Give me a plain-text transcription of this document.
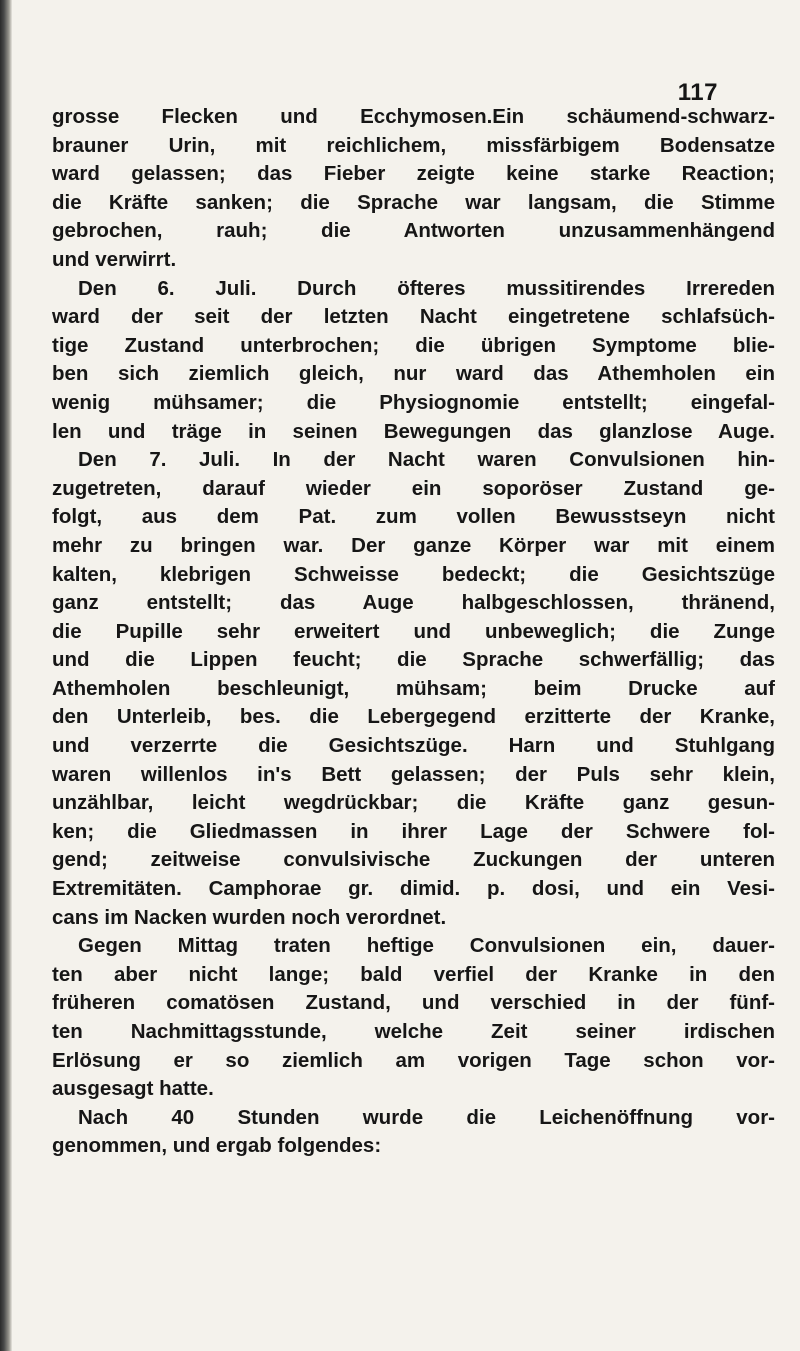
117
grosse Flecken und Ecchymosen.Ein schäumend-schwarz-
brauner Urin, mit reichlichem, missfärbigem Bodensatze
ward gelassen; das Fieber zeigte keine starke Reaction;
die Kräfte sanken; die Sprache war langsam, die Stimme
gebrochen, rauh; die Antworten unzusammenhängend
und verwirrt.
Den 6. Juli. Durch öfteres mussitirendes Irrereden
ward der seit der letzten Nacht eingetretene schlafsüch-
tige Zustand unterbrochen; die übrigen Symptome blie-
ben sich ziemlich gleich, nur ward das Athemholen ein
wenig mühsamer; die Physiognomie entstellt; eingefal-
len und träge in seinen Bewegungen das glanzlose Auge.
Den 7. Juli. In der Nacht waren Convulsionen hin-
zugetreten, darauf wieder ein soporöser Zustand ge-
folgt, aus dem Pat. zum vollen Bewusstseyn nicht
mehr zu bringen war. Der ganze Körper war mit einem
kalten, klebrigen Schweisse bedeckt; die Gesichtszüge
ganz entstellt; das Auge halbgeschlossen, thränend,
die Pupille sehr erweitert und unbeweglich; die Zunge
und die Lippen feucht; die Sprache schwerfällig; das
Athemholen beschleunigt, mühsam; beim Drucke auf
den Unterleib, bes. die Lebergegend erzitterte der Kranke,
und verzerrte die Gesichtszüge. Harn und Stuhlgang
waren willenlos in's Bett gelassen; der Puls sehr klein,
unzählbar, leicht wegdrückbar; die Kräfte ganz gesun-
ken; die Gliedmassen in ihrer Lage der Schwere fol-
gend; zeitweise convulsivische Zuckungen der unteren
Extremitäten. Camphorae gr. dimid. p. dosi, und ein Vesi-
cans im Nacken wurden noch verordnet.
Gegen Mittag traten heftige Convulsionen ein, dauer-
ten aber nicht lange; bald verfiel der Kranke in den
früheren comatösen Zustand, und verschied in der fünf-
ten Nachmittagsstunde, welche Zeit seiner irdischen
Erlösung er so ziemlich am vorigen Tage schon vor-
ausgesagt hatte.
Nach 40 Stunden wurde die Leichenöffnung vor-
genommen, und ergab folgendes:
